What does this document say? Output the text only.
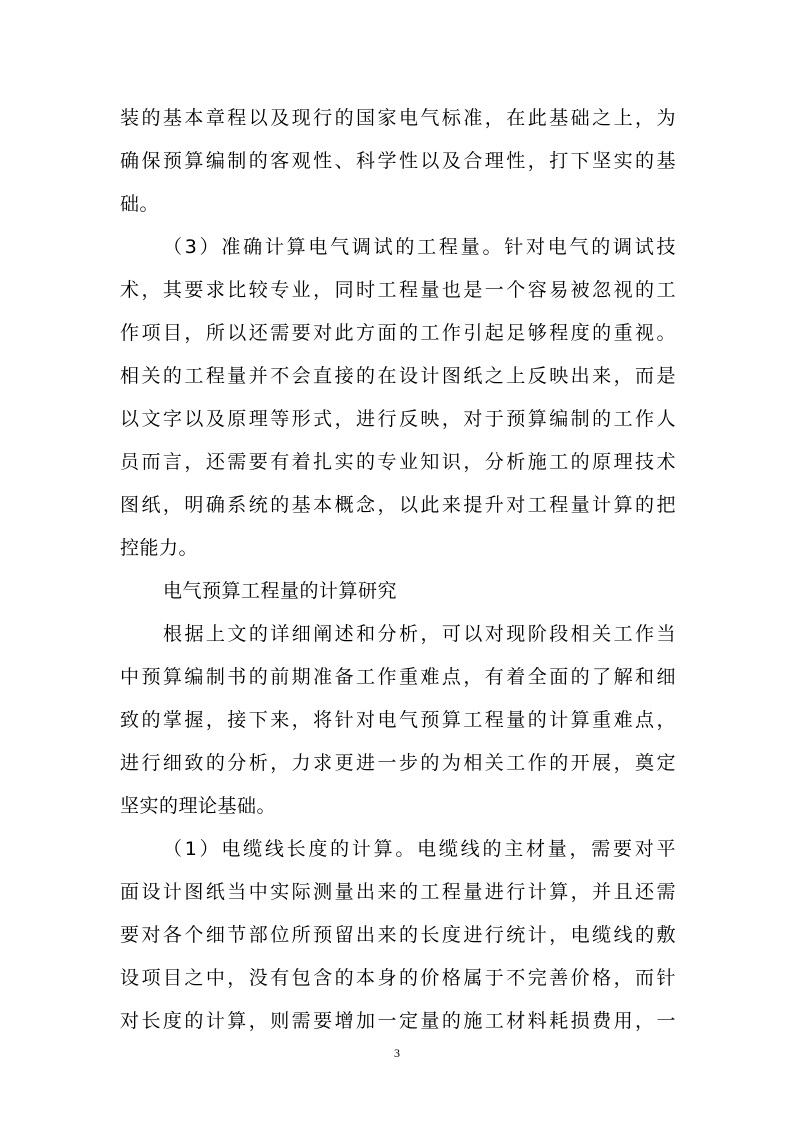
装的基本章程以及现行的国家电气标准，在此基础之上，为
确保预算编制的客观性、科学性以及合理性，打下坚实的基
础。
（3）准确计算电气调试的工程量。针对电气的调试技
术，其要求比较专业，同时工程量也是一个容易被忽视的工
作项目，所以还需要对此方面的工作引起足够程度的重视。
相关的工程量并不会直接的在设计图纸之上反映出来，而是
以文字以及原理等形式，进行反映，对于预算编制的工作人
员而言，还需要有着扎实的专业知识，分析施工的原理技术
图纸，明确系统的基本概念，以此来提升对工程量计算的把
控能力。
电气预算工程量的计算研究
根据上文的详细阐述和分析，可以对现阶段相关工作当
中预算编制书的前期准备工作重难点，有着全面的了解和细
致的掌握，接下来，将针对电气预算工程量的计算重难点，
进行细致的分析，力求更进一步的为相关工作的开展，奠定
坚实的理论基础。
（1）电缆线长度的计算。电缆线的主材量，需要对平
面设计图纸当中实际测量出来的工程量进行计算，并且还需
要对各个细节部位所预留出来的长度进行统计，电缆线的敷
设项目之中，没有包含的本身的价格属于不完善价格，而针
对长度的计算，则需要增加一定量的施工材料耗损费用，一
3
